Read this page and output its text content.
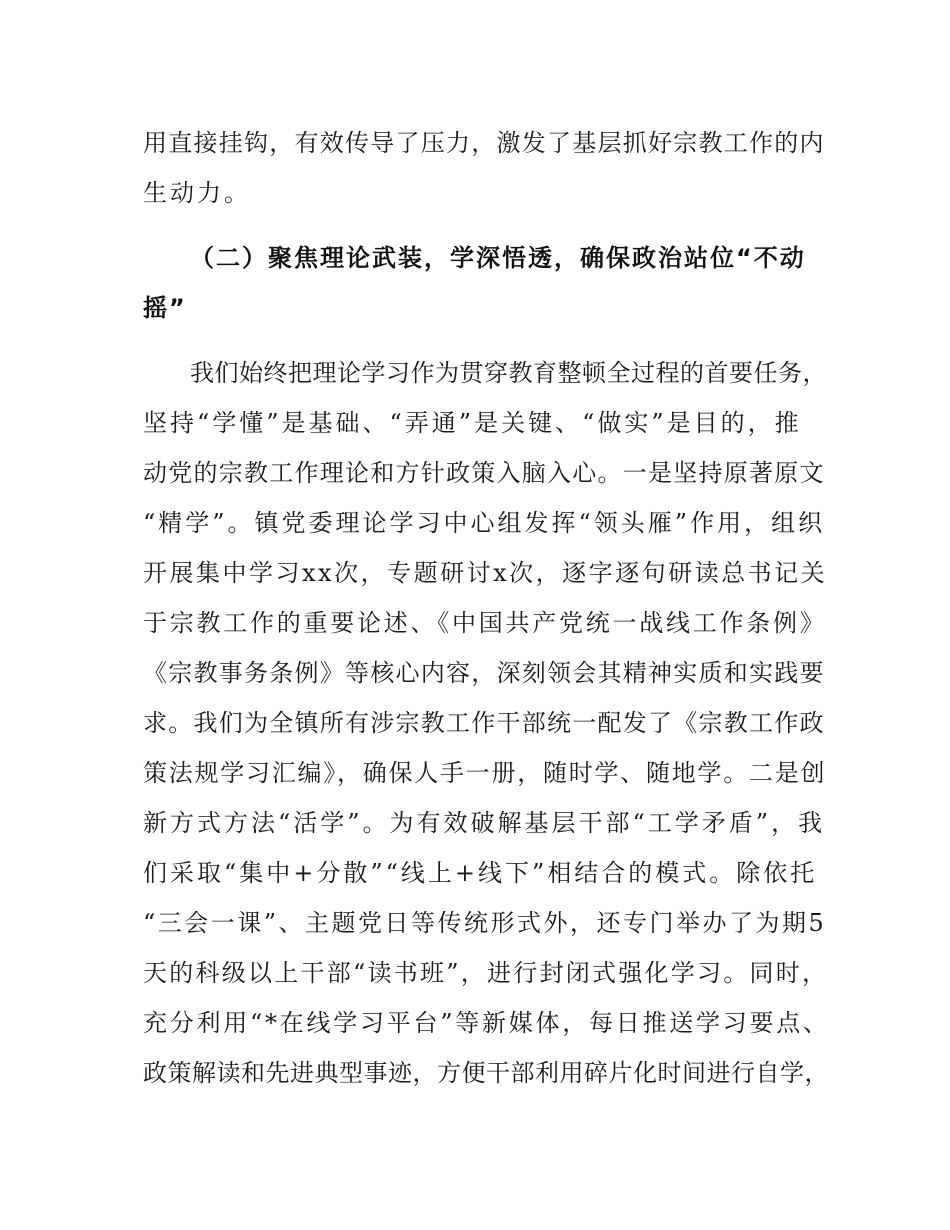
用直接挂钩，有效传导了压力，激发了基层抓好宗教工作的内
生动力。
（二）聚焦理论武装，学深悟透，确保政治站位“不动
摇”
我们始终把理论学习作为贯穿教育整顿全过程的首要任务，
坚持“学懂”是基础、“弄通”是关键、“做实”是目的，推
动党的宗教工作理论和方针政策入脑入心。一是坚持原著原文
“精学”。镇党委理论学习中心组发挥“领头雁”作用，组织
开展集中学习xx次，专题研讨x次，逐字逐句研读总书记关
于宗教工作的重要论述、《中国共产党统一战线工作条例》
《宗教事务条例》等核心内容，深刻领会其精神实质和实践要
求。我们为全镇所有涉宗教工作干部统一配发了《宗教工作政
策法规学习汇编》，确保人手一册，随时学、随地学。二是创
新方式方法“活学”。为有效破解基层干部“工学矛盾”，我
们采取“集中+分散”“线上+线下”相结合的模式。除依托
“三会一课”、主题党日等传统形式外，还专门举办了为期5
天的科级以上干部“读书班”，进行封闭式强化学习。同时，
充分利用“*在线学习平台”等新媒体，每日推送学习要点、
政策解读和先进典型事迹，方便干部利用碎片化时间进行自学，
